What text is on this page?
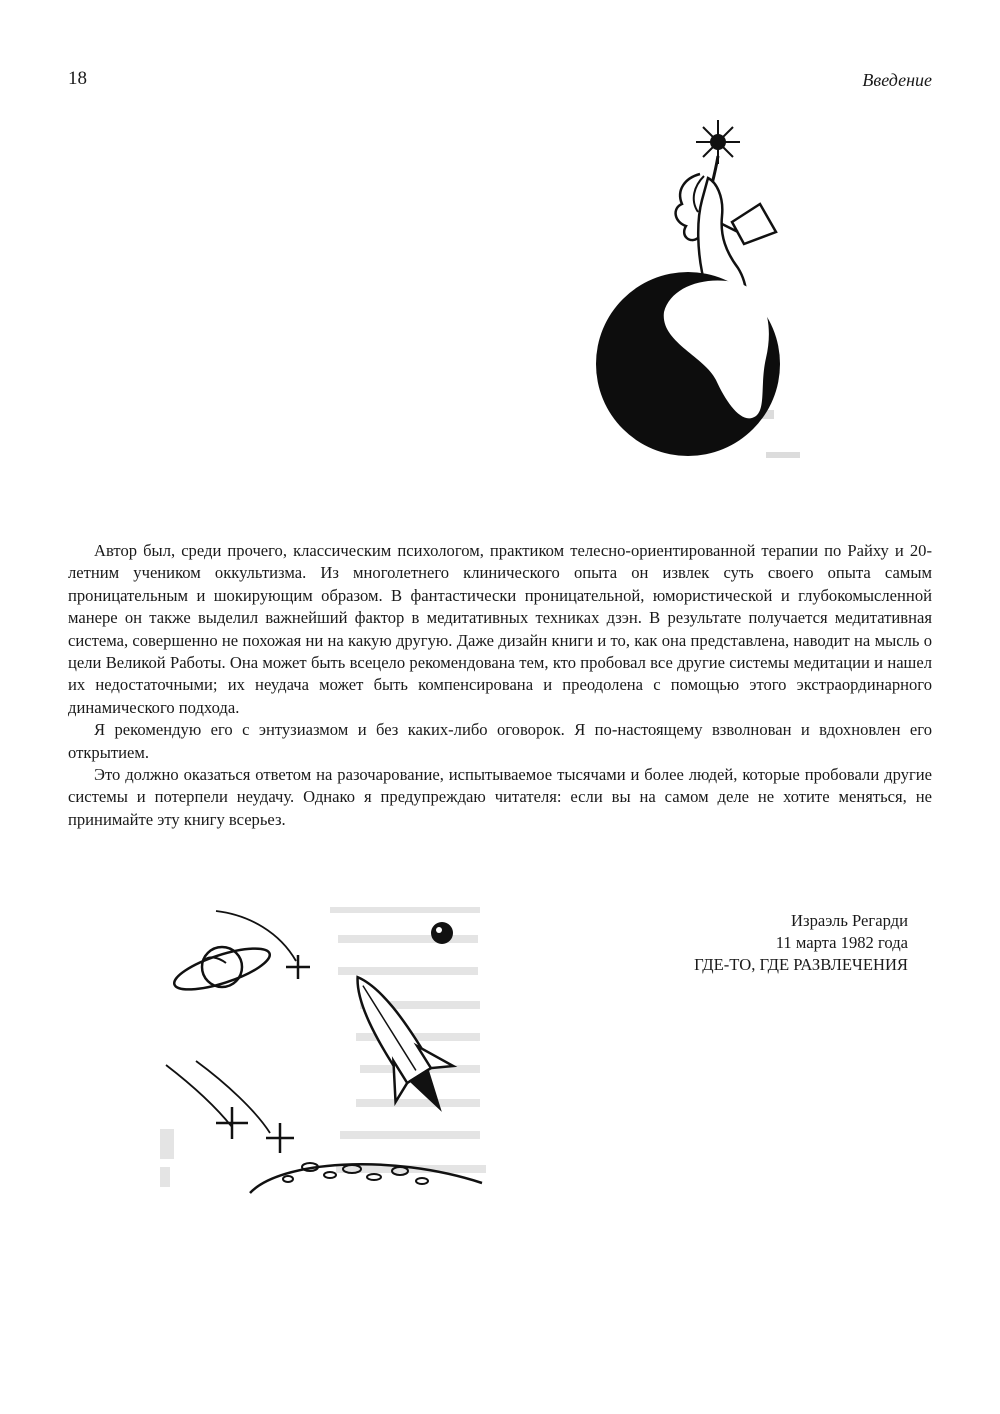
18	Введение

Автор был, среди прочего, классическим психологом, практиком телесно-ориентированной терапии по Райху и 20-летним учеником оккультизма. Из многолетнего клинического опыта он извлек суть своего опыта самым проницательным и шокирующим образом. В фантастически проницательной, юмористической и глубокомысленной манере он также выделил важнейший фактор в медитативных техниках дзэн. В результате получается медитативная система, совершенно не похожая ни на какую другую. Даже дизайн книги и то, как она представлена, наводит на мысль о цели Великой Работы. Она может быть всецело рекомендована тем, кто пробовал все другие системы медитации и нашел их недостаточными; их неудача может быть компенсирована и преодолена с помощью этого экстраординарного динамического подхода.

Я рекомендую его с энтузиазмом и без каких-либо оговорок. Я по-настоящему взволнован и вдохновлен его открытием.

Это должно оказаться ответом на разочарование, испытываемое тысячами и более людей, которые пробовали другие системы и потерпели неудачу. Однако я предупреждаю читателя: если вы на самом деле не хотите меняться, не принимайте эту книгу всерьез.

Израэль Регарди
11 марта 1982 года
ГДЕ-ТО, ГДЕ РАЗВЛЕЧЕНИЯ
